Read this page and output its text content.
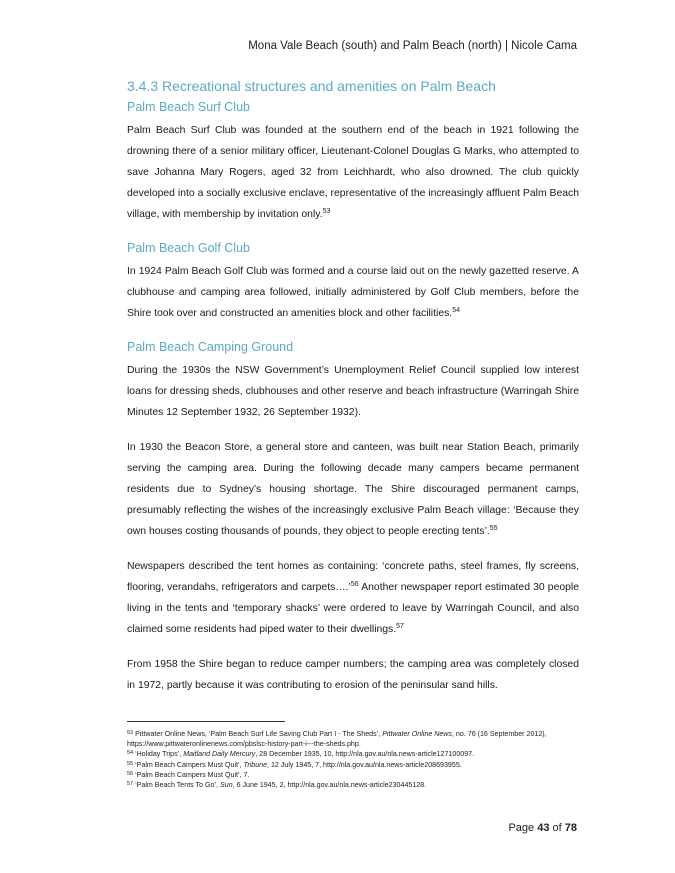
Mona Vale Beach (south) and Palm Beach (north) | Nicole Cama
3.4.3 Recreational structures and amenities on Palm Beach
Palm Beach Surf Club

Palm Beach Surf Club was founded at the southern end of the beach in 1921 following the drowning there of a senior military officer, Lieutenant-Colonel Douglas G Marks, who attempted to save Johanna Mary Rogers, aged 32 from Leichhardt, who also drowned. The club quickly developed into a socially exclusive enclave, representative of the increasingly affluent Palm Beach village, with membership by invitation only.$^{53}$

Palm Beach Golf Club

In 1924 Palm Beach Golf Club was formed and a course laid out on the newly gazetted reserve. A clubhouse and camping area followed, initially administered by Golf Club members, before the Shire took over and constructed an amenities block and other facilities.$^{54}$

Palm Beach Camping Ground

During the 1930s the NSW Government’s Unemployment Relief Council supplied low interest loans for dressing sheds, clubhouses and other reserve and beach infrastructure (Warringah Shire Minutes 12 September 1932, 26 September 1932).

In 1930 the Beacon Store, a general store and canteen, was built near Station Beach, primarily serving the camping area. During the following decade many campers became permanent residents due to Sydney’s housing shortage. The Shire discouraged permanent camps, presumably reflecting the wishes of the increasingly exclusive Palm Beach village: ‘Because they own houses costing thousands of pounds, they object to people erecting tents’.$^{55}$

Newspapers described the tent homes as containing: ‘concrete paths, steel frames, fly screens, flooring, verandahs, refrigerators and carpets….’$^{56}$ Another newspaper report estimated 30 people living in the tents and ‘temporary shacks’ were ordered to leave by Warringah Council, and also claimed some residents had piped water to their dwellings.$^{57}$

From 1958 the Shire began to reduce camper numbers; the camping area was completely closed in 1972, partly because it was contributing to erosion of the peninsular sand hills.

$^{53}$ Pittwater Online News, ‘Palm Beach Surf Life Saving Club Part I - The Sheds’, Pittwater Online News, no. 76 (16 September 2012), https://www.pittwateronlinenews.com/pbslsc-history-part-i---the-sheds.php.
$^{54}$ ‘Holiday Trips’, Maitland Daily Mercury, 28 December 1935, 10, http://nla.gov.au/nla.news-article127100097.
$^{55}$ ‘Palm Beach Campers Must Quit’, Tribune, 12 July 1945, 7, http://nla.gov.au/nla.news-article208693955.
$^{56}$ ‘Palm Beach Campers Must Quit’, 7.
$^{57}$ ‘Palm Beach Tents To Go’, Sun, 6 June 1945, 2, http://nla.gov.au/nla.news-article230445128.
Page 43 of 78
